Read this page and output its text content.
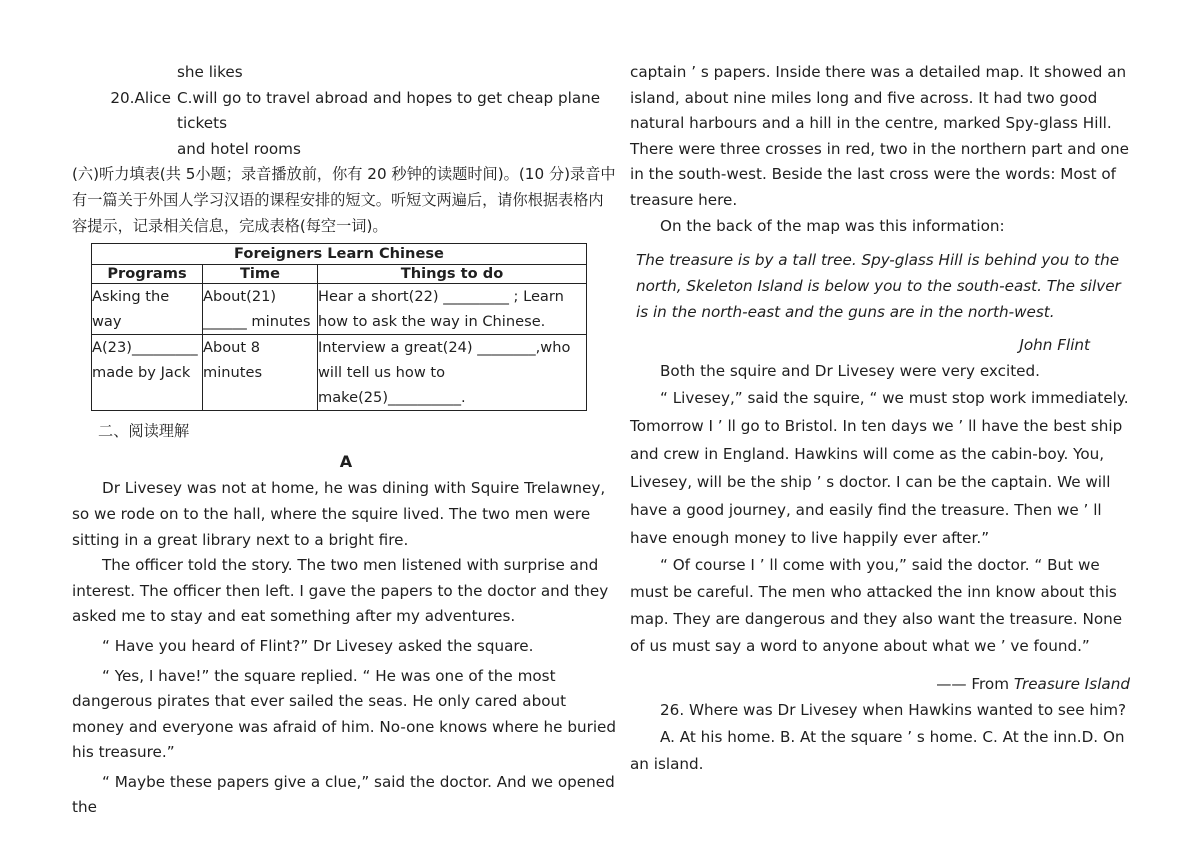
she likes

20.Alice C.will go to travel abroad and hopes to get cheap plane tickets

and hotel rooms

(六)听力填表(共 5小题；录音播放前，你有 20 秒钟的读题时间)。(10 分)录音中有一篇关于外国人学习汉语的课程安排的短文。听短文两遍后，请你根据表格内 容提示，记录相关信息，完成表格(每空一词)。

Foreigners Learn Chinese		
Programs	Time	Things to do
Asking the way	About(21) ______ minutes	Hear a short(22) _________ ; Learn how to ask the way in Chinese.
A(23)_________ made by Jack	About 8 minutes	Interview a great(24) ________,who will tell us how to make(25)__________.

二、阅读理解

A

Dr Livesey was not at home, he was dining with Squire Trelawney, so we rode on to the hall, where the squire lived. The two men were sitting in a great library next to a bright fire.

The officer told the story. The two men listened with surprise and interest. The officer then left. I gave the papers to the doctor and they asked me to stay and eat something after my adventures.

“ Have you heard of Flint?” Dr Livesey asked the square.

“ Yes, I have!” the square replied. “ He was one of the most dangerous pirates that ever sailed the seas. He only cared about money and everyone was afraid of him. No-one knows where he buried his treasure.”

“ Maybe these papers give a clue,” said the doctor. And we opened the

captain ’ s papers. Inside there was a detailed map. It showed an island, about nine miles long and five across. It had two good natural harbours and a hill in the centre, marked Spy-glass Hill. There were three crosses in red, two in the northern part and one in the south-west. Beside the last cross were the words: Most of treasure here.

On the back of the map was this information:

The treasure is by a tall tree. Spy-glass Hill is behind you to the north, Skeleton Island is below you to the south-east. The silver is in the north-east and the guns are in the north-west.

John Flint

Both the squire and Dr Livesey were very excited.

“ Livesey,” said the squire, “ we must stop work immediately. Tomorrow I ’ ll go to Bristol. In ten days we ’ ll have the best ship and crew in England. Hawkins will come as the cabin-boy. You, Livesey, will be the ship ’ s doctor. I can be the captain. We will have a good journey, and easily find the treasure. Then we ’ ll have enough money to live happily ever after.”

“ Of course I ’ ll come with you,” said the doctor. “ But we must be careful. The men who attacked the inn know about this map. They are dangerous and they also want the treasure. None of us must say a word to anyone about what we ’ ve found.”

—— From Treasure Island

26. Where was Dr Livesey when Hawkins wanted to see him?

A. At his home. B. At the square ’ s home. C. At the inn.D. On an island.
